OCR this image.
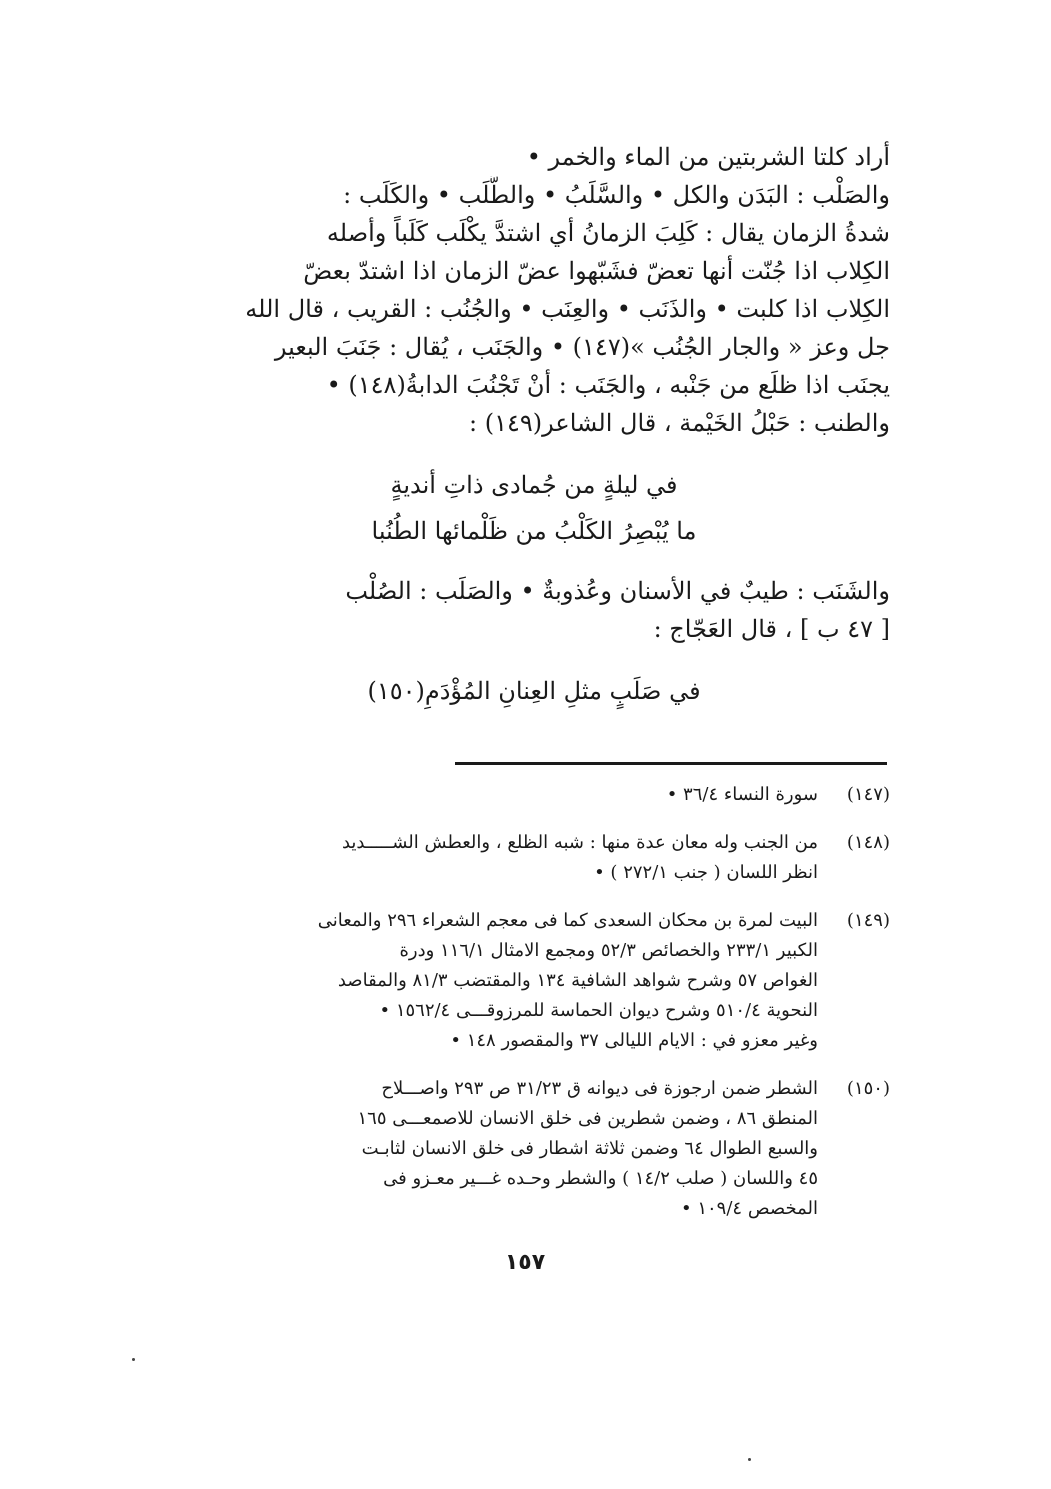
أراد كلتا الشربتين من الماء والخمر •
والصَلْب : البَدَن والكل • والسَّلَبُ • والطَّلَب • والكَلَب :
شدةُ الزمان يقال : كَلِبَ الزمانُ أي اشتدَّ يكْلَب كَلَباً وأصله
الكِلاب اذا جُنّت أنها تعضّ فشَبّهوا عضّ الزمان اذا اشتدّ بعضّ
الكِلاب اذا كلبت • والذَنَب • والعِنَب • والجُنُب : القريب ، قال الله
جل وعز « والجار الجُنُب »(١٤٧) • والجَنَب ، يُقال : جَنَبَ البعير
يجنَب اذا ظلَع من جَنْبه ، والجَنَب : أنْ تَجْنُبَ الدابةُ(١٤٨) •
والطنب : حَبْلُ الخَيْمة ، قال الشاعر(١٤٩) :
في ليلةٍ من جُمادى ذاتِ أنديةٍ
ما يُبْصِرُ الكَلْبُ من ظَلْمائها الطُنُبا
والشَنَب : طيبٌ في الأسنان وعُذوبةٌ • والصَلَب : الصُلْب
[ ٤٧ ب ] ، قال العَجّاج :
في صَلَبٍ مثلِ العِنانِ المُؤْدَمِ(١٥٠)
(١٤٧)
سورة النساء ٣٦/٤ •
(١٤٨)
من الجنب وله معان عدة منها : شبه الظلع ، والعطش الشـــــديد
انظر اللسان ( جنب ٢٧٢/١ ) •
(١٤٩)
البيت لمرة بن محكان السعدى كما فى معجم الشعراء ٢٩٦ والمعانى
الكبير ٢٣٣/١ والخصائص ٥٢/٣ ومجمع الامثال ١١٦/١ ودرة
الغواص ٥٧ وشرح شواهد الشافية ١٣٤ والمقتضب ٨١/٣ والمقاصد
النحوية ٥١٠/٤ وشرح ديوان الحماسة للمرزوقـــى ١٥٦٢/٤ •
وغير معزو في : الايام الليالى ٣٧ والمقصور ١٤٨ •
(١٥٠)
الشطر ضمن ارجوزة فى ديوانه ق ٣١/٢٣ ص ٢٩٣ واصـــلاح
المنطق ٨٦ ، وضمن شطرين فى خلق الانسان للاصمعـــى ١٦٥
والسبع الطوال ٦٤ وضمن ثلاثة اشطار فى خلق الانسان لثابـت
٤٥ واللسان ( صلب ١٤/٢ ) والشطر وحـده غـــير معـزو فى
المخصص ١٠٩/٤ •
١٥٧
